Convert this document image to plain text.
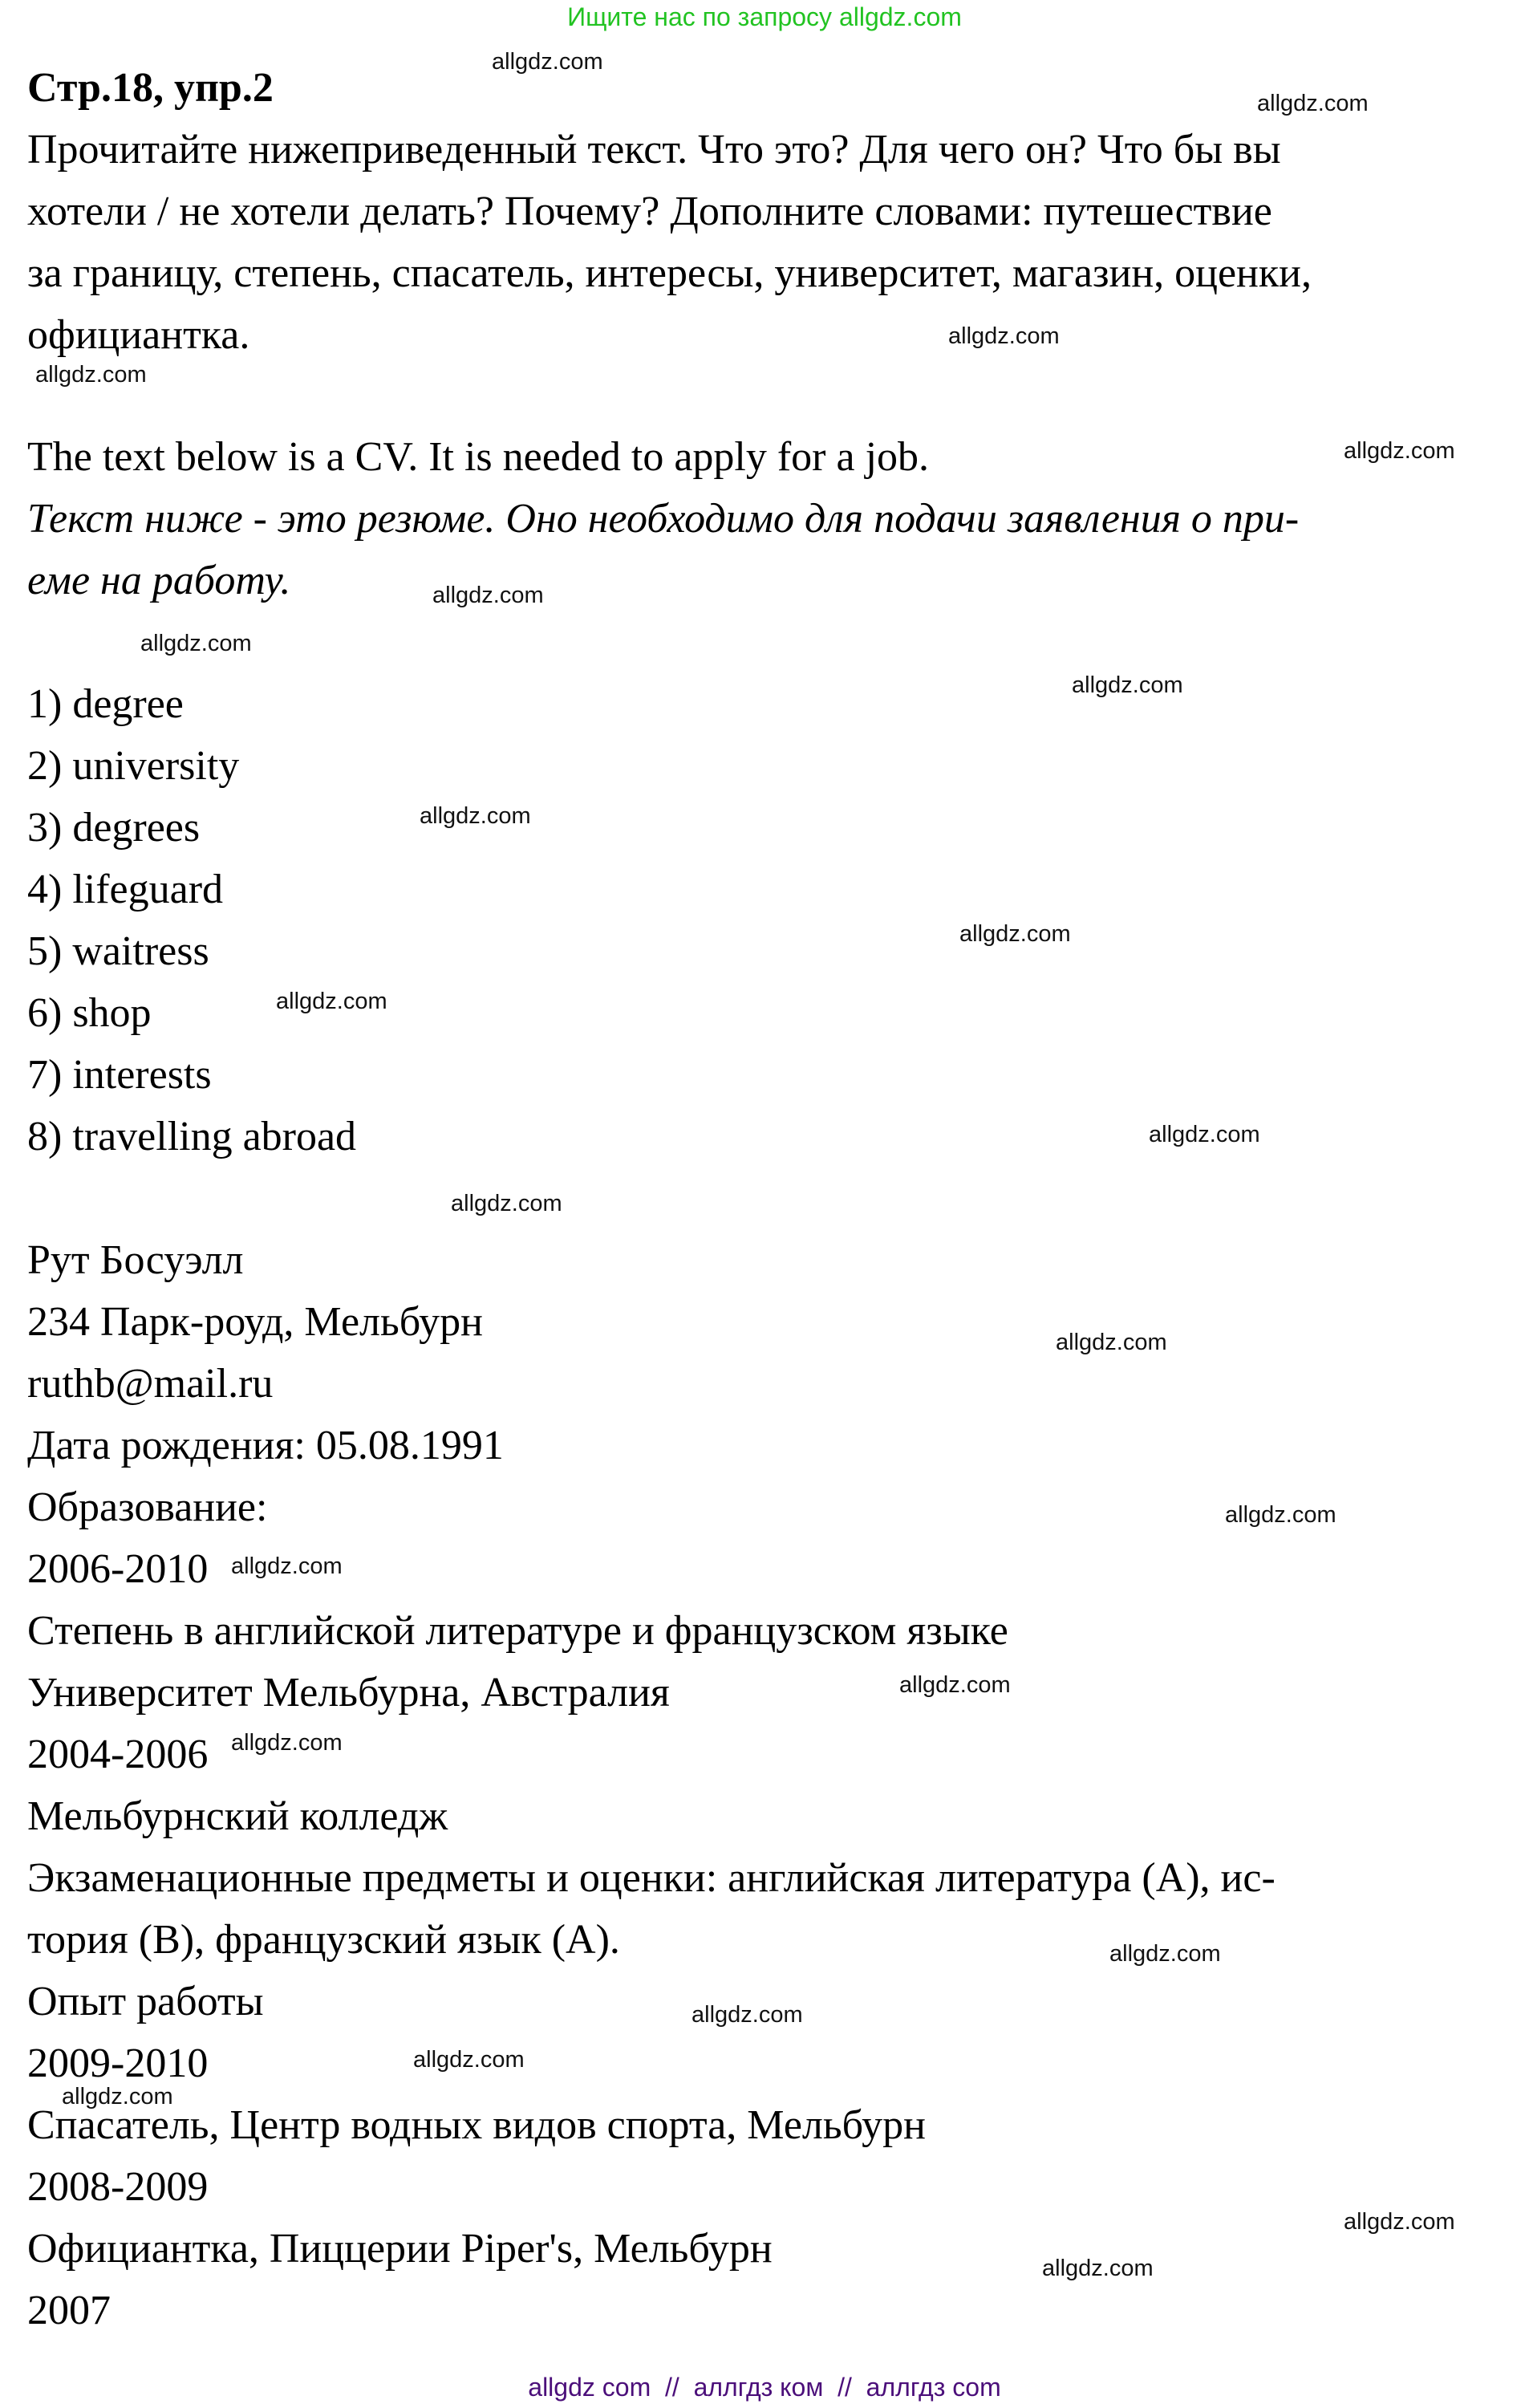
Ищите нас по запросу allgdz.com
Стр.18, упр.2
Прочитайте нижеприведенный текст. Что это? Для чего он? Что бы вы
хотели / не хотели делать? Почему? Дополните словами: путешествие
за границу, степень, спасатель, интересы, университет, магазин, оценки,
официантка.
The text below is a CV. It is needed to apply for a job.
Текст ниже - это резюме. Оно необходимо для подачи заявления о при-
еме на работу.
1) degree
2) university
3) degrees
4) lifeguard
5) waitress
6) shop
7) interests
8) travelling abroad
Рут Босуэлл
234 Парк-роуд, Мельбурн
ruthb@mail.ru
Дата рождения: 05.08.1991
Образование:
2006-2010
Степень в английской литературе и французском языке
Университет Мельбурна, Австралия
2004-2006
Мельбурнский колледж
Экзаменационные предметы и оценки: английская литература (A), ис-
тория (B), французский язык (A).
Опыт работы
2009-2010
Спасатель, Центр водных видов спорта, Мельбурн
2008-2009
Официантка, Пиццерии Piper's, Мельбурн
2007
allgdz.com
allgdz.com
allgdz.com
allgdz.com
allgdz.com
allgdz.com
allgdz.com
allgdz.com
allgdz.com
allgdz.com
allgdz.com
allgdz.com
allgdz.com
allgdz.com
allgdz.com
allgdz.com
allgdz.com
allgdz.com
allgdz.com
allgdz.com
allgdz.com
allgdz.com
allgdz.com
allgdz.com
allgdz com  //  аллгдз ком  //  аллгдз com
